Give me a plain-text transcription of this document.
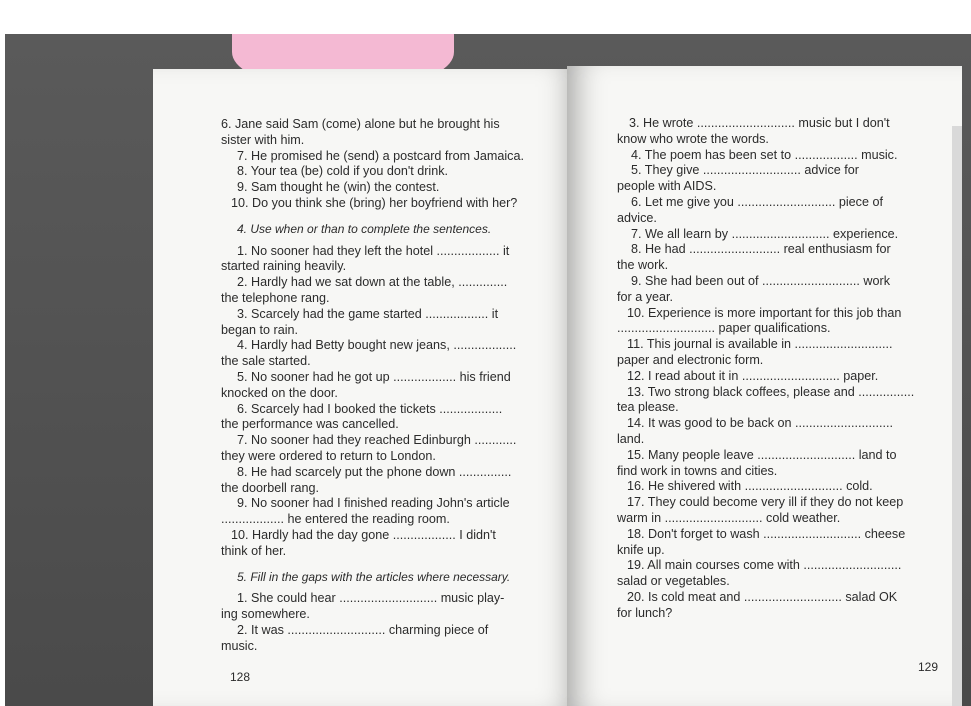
6. Jane said Sam (come) alone but he brought his
sister with him.
7. He promised he (send) a postcard from Jamaica.
8. Your tea (be) cold if you don't drink.
9. Sam thought he (win) the contest.
10. Do you think she (bring) her boyfriend with her?
4. Use when or than to complete the sentences.
1. No sooner had they left the hotel .................. it
started raining heavily.
2. Hardly had we sat down at the table, ..............
the telephone rang.
3. Scarcely had the game started .................. it
began to rain.
4. Hardly had Betty bought new jeans, ..................
the sale started.
5. No sooner had he got up .................. his friend
knocked on the door.
6. Scarcely had I booked the tickets ..................
the performance was cancelled.
7. No sooner had they reached Edinburgh ............
they were ordered to return to London.
8. He had scarcely put the phone down ...............
the doorbell rang.
9. No sooner had I finished reading John's article
.................. he entered the reading room.
10. Hardly had the day gone .................. I didn't
think of her.
5. Fill in the gaps with the articles where necessary.
1. She could hear ............................ music play-
ing somewhere.
2. It was ............................ charming piece of
music.
128
3. He wrote ............................ music but I don't
know who wrote the words.
4. The poem has been set to .................. music.
5. They give ............................ advice for
people with AIDS.
6. Let me give you ............................ piece of
advice.
7. We all learn by ............................ experience.
8. He had .......................... real enthusiasm for
the work.
9. She had been out of ............................ work
for a year.
10. Experience is more important for this job than
............................ paper qualifications.
11. This journal is available in ............................
paper and electronic form.
12. I read about it in ............................ paper.
13. Two strong black coffees, please and ................
tea please.
14. It was good to be back on ............................
land.
15. Many people leave ............................ land to
find work in towns and cities.
16. He shivered with ............................ cold.
17. They could become very ill if they do not keep
warm in ............................ cold weather.
18. Don't forget to wash ............................ cheese
knife up.
19. All main courses come with ............................
salad or vegetables.
20. Is cold meat and ............................ salad OK
for lunch?
129
